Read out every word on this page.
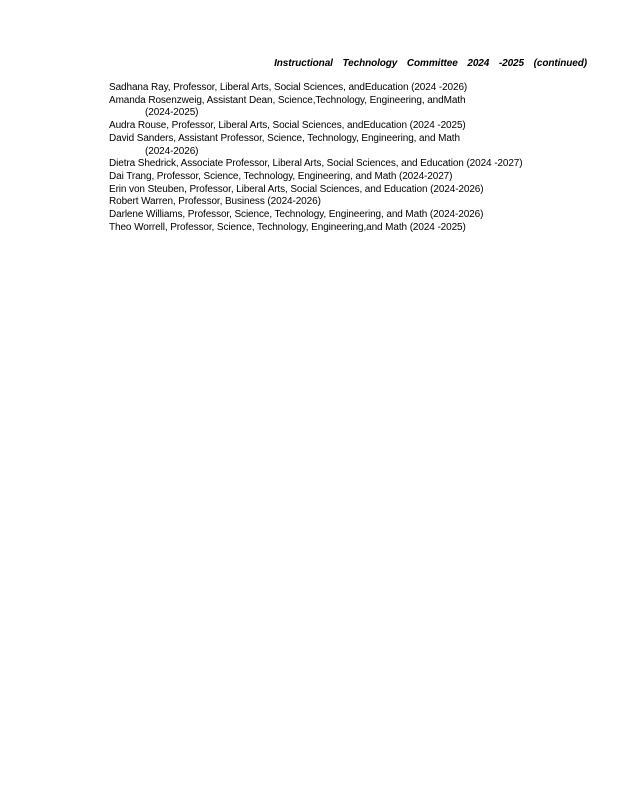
Instructional Technology Committee 2024 -2025 (continued)
Sadhana Ray, Professor, Liberal Arts, Social Sciences, andEducation (2024 -2026)
Amanda Rosenzweig, Assistant Dean, Science,Technology, Engineering, andMath
(2024-2025)
Audra Rouse, Professor, Liberal Arts, Social Sciences, andEducation (2024 -2025)
David Sanders, Assistant Professor, Science, Technology, Engineering, and Math
(2024-2026)
Dietra Shedrick, Associate Professor, Liberal Arts, Social Sciences, and Education (2024 -2027)
Dai Trang, Professor, Science, Technology, Engineering, and Math (2024-2027)
Erin von Steuben, Professor, Liberal Arts, Social Sciences, and Education (2024-2026)
Robert Warren, Professor, Business (2024-2026)
Darlene Williams, Professor, Science, Technology, Engineering, and Math (2024-2026)
Theo Worrell, Professor, Science, Technology, Engineering,and Math (2024 -2025)
